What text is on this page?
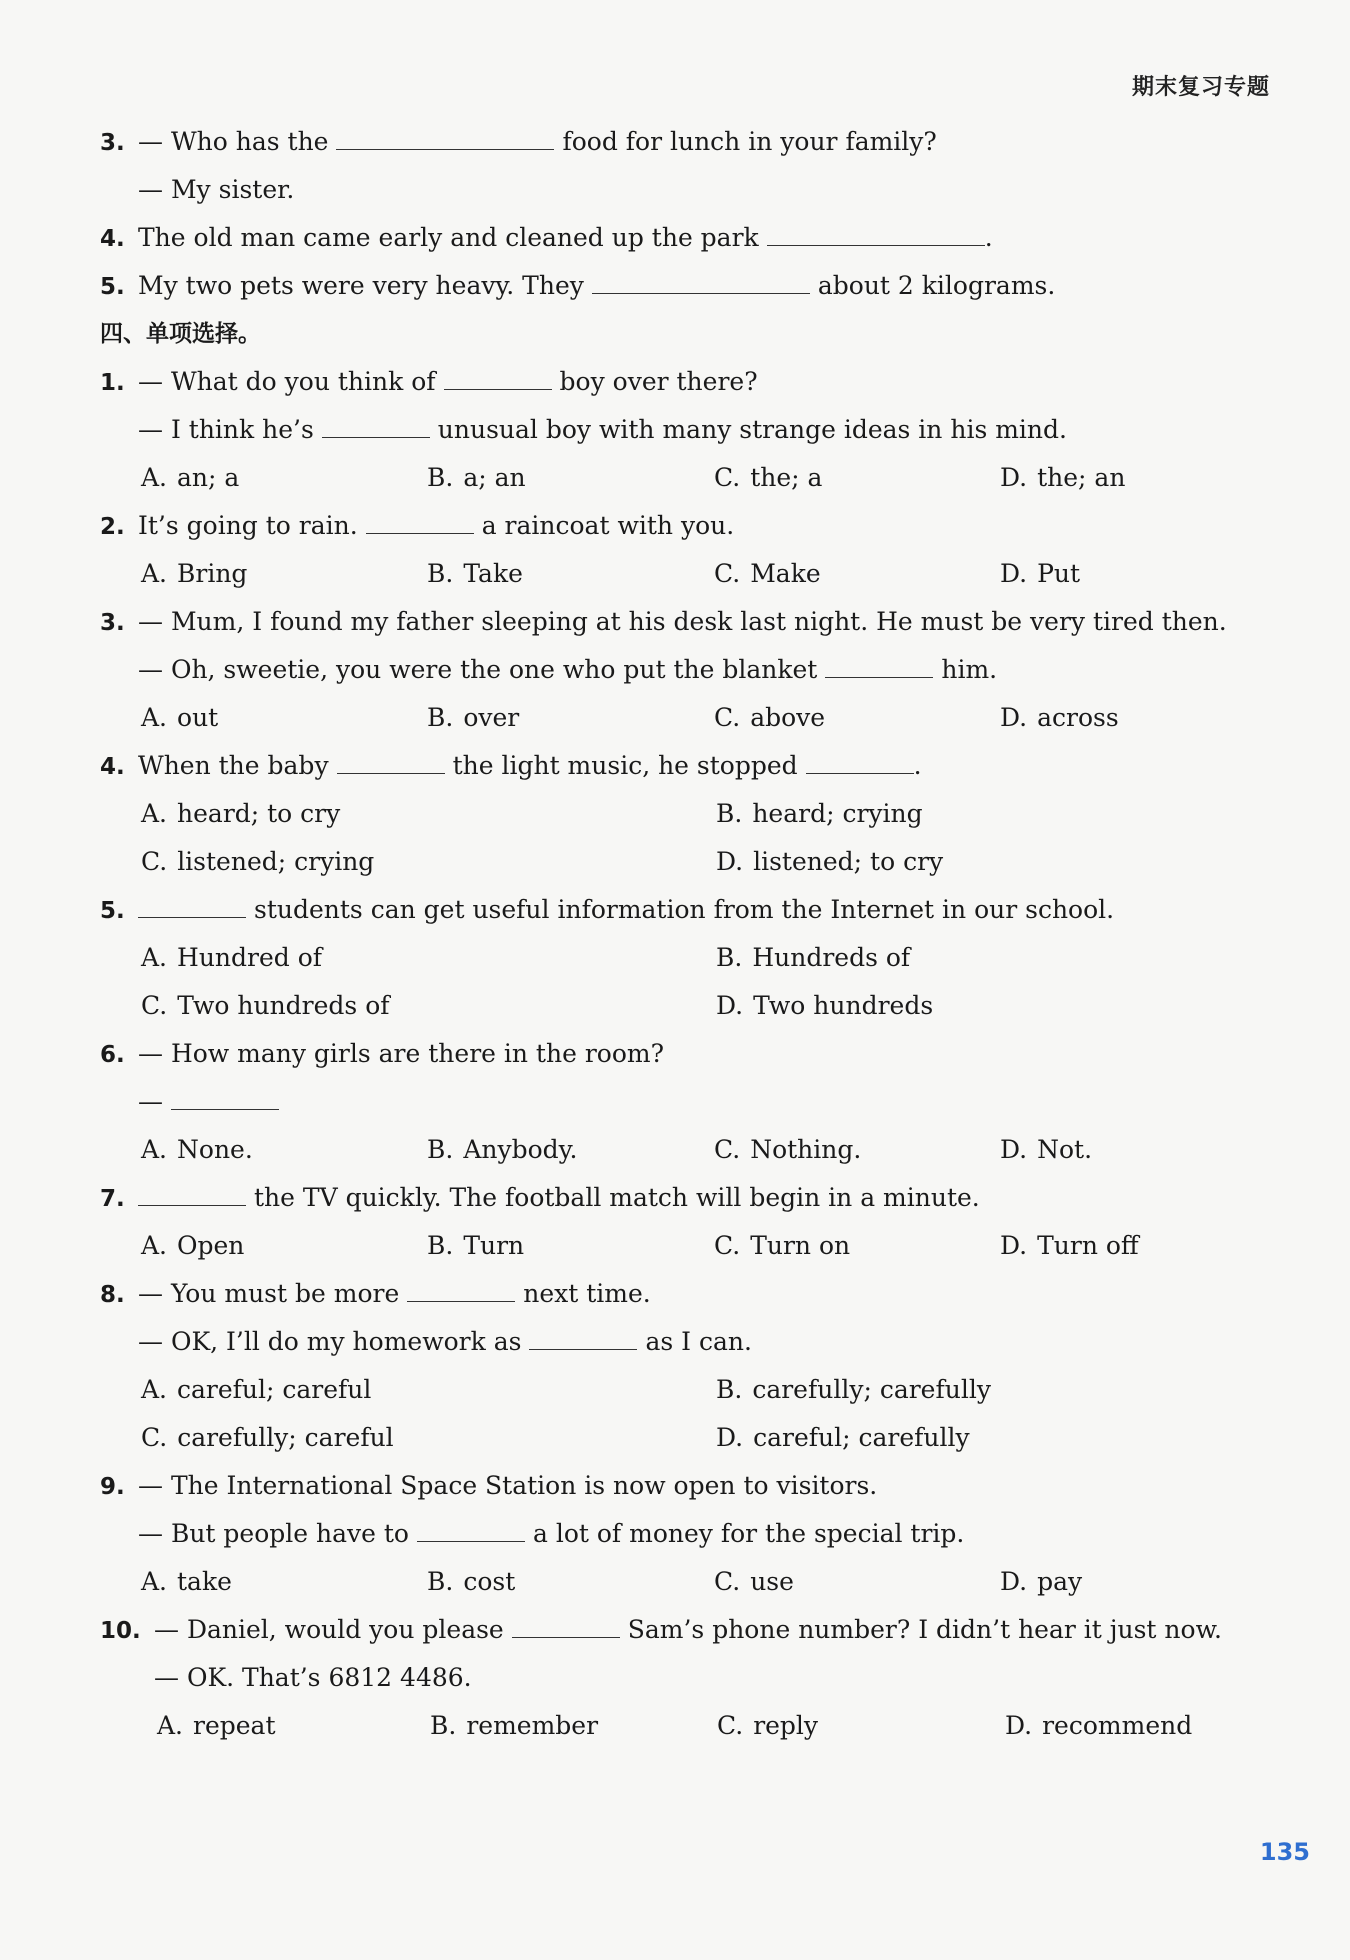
期末复习专题
3. — Who has the	food for lunch in your family?
— My sister.
4. The old man came early and cleaned up the park	.
5. My two pets were very heavy. They	about 2 kilograms.
四、单项选择。
1. — What do you think of	boy over there?
— I think he’s	unusual boy with many strange ideas in his mind.
A. an; a	B. a; an	C. the; a	D. the; an
2. It’s going to rain.	a raincoat with you.
A. Bring	B. Take	C. Make	D. Put
3. — Mum, I found my father sleeping at his desk last night. He must be very tired then.
— Oh, sweetie, you were the one who put the blanket	him.
A. out	B. over	C. above	D. across
4. When the baby	the light music, he stopped	.
A. heard; to cry	B. heard; crying
C. listened; crying	D. listened; to cry
5.	students can get useful information from the Internet in our school.
A. Hundred of	B. Hundreds of
C. Two hundreds of	D. Two hundreds
6. — How many girls are there in the room?
—
A. None.	B. Anybody.	C. Nothing.	D. Not.
7.	the TV quickly. The football match will begin in a minute.
A. Open	B. Turn	C. Turn on	D. Turn off
8. — You must be more	next time.
— OK, I’ll do my homework as	as I can.
A. careful; careful	B. carefully; carefully
C. carefully; careful	D. careful; carefully
9. — The International Space Station is now open to visitors.
— But people have to	a lot of money for the special trip.
A. take	B. cost	C. use	D. pay
10. — Daniel, would you please	Sam’s phone number? I didn’t hear it just now.
— OK. That’s 6812 4486.
A. repeat	B. remember	C. reply	D. recommend
135
